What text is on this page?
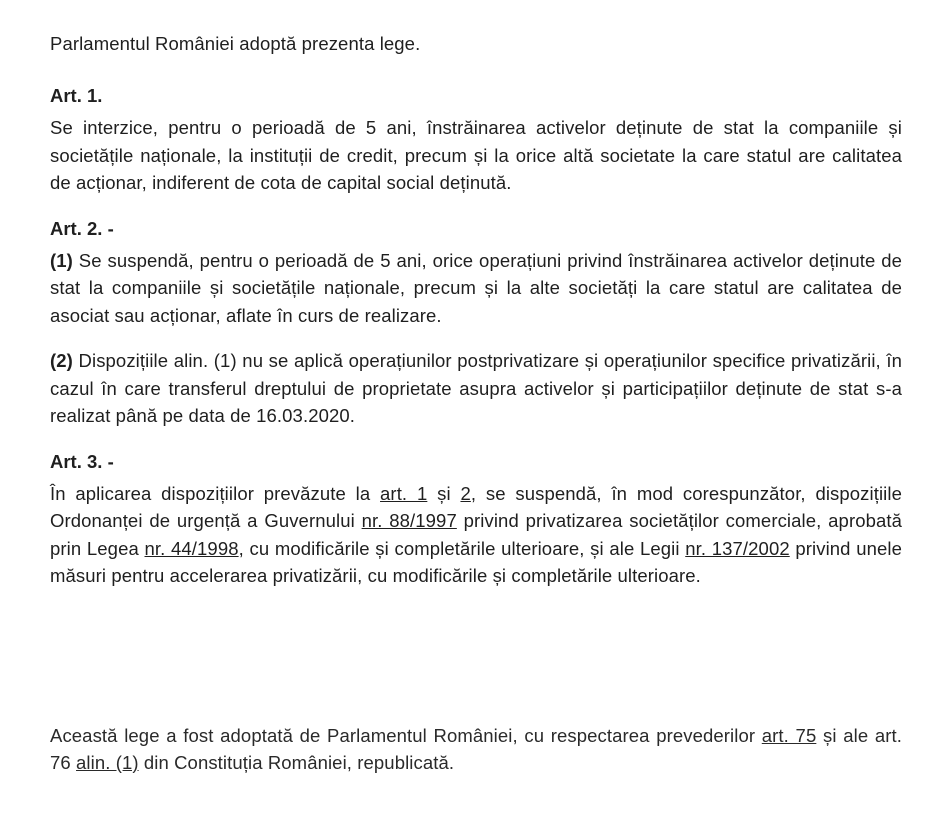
Parlamentul României adoptă prezenta lege.

Art. 1.

Se interzice, pentru o perioadă de 5 ani, înstrăinarea activelor deținute de stat la companiile și societățile naționale, la instituții de credit, precum și la orice altă societate la care statul are calitatea de acționar, indiferent de cota de capital social deținută.

Art. 2. -

(1) Se suspendă, pentru o perioadă de 5 ani, orice operațiuni privind înstrăinarea activelor deținute de stat la companiile și societățile naționale, precum și la alte societăți la care statul are calitatea de asociat sau acționar, aflate în curs de realizare.

(2) Dispozițiile alin. (1) nu se aplică operațiunilor postprivatizare și operațiunilor specifice privatizării, în cazul în care transferul dreptului de proprietate asupra activelor și participațiilor deținute de stat s-a realizat până pe data de 16.03.2020.

Art. 3. -

În aplicarea dispozițiilor prevăzute la art. 1 și 2, se suspendă, în mod corespunzător, dispozițiile Ordonanței de urgență a Guvernului nr. 88/1997 privind privatizarea societăților comerciale, aprobată prin Legea nr. 44/1998, cu modificările și completările ulterioare, și ale Legii nr. 137/2002 privind unele măsuri pentru accelerarea privatizării, cu modificările și completările ulterioare.

Această lege a fost adoptată de Parlamentul României, cu respectarea prevederilor art. 75 și ale art. 76 alin. (1) din Constituția României, republicată.
